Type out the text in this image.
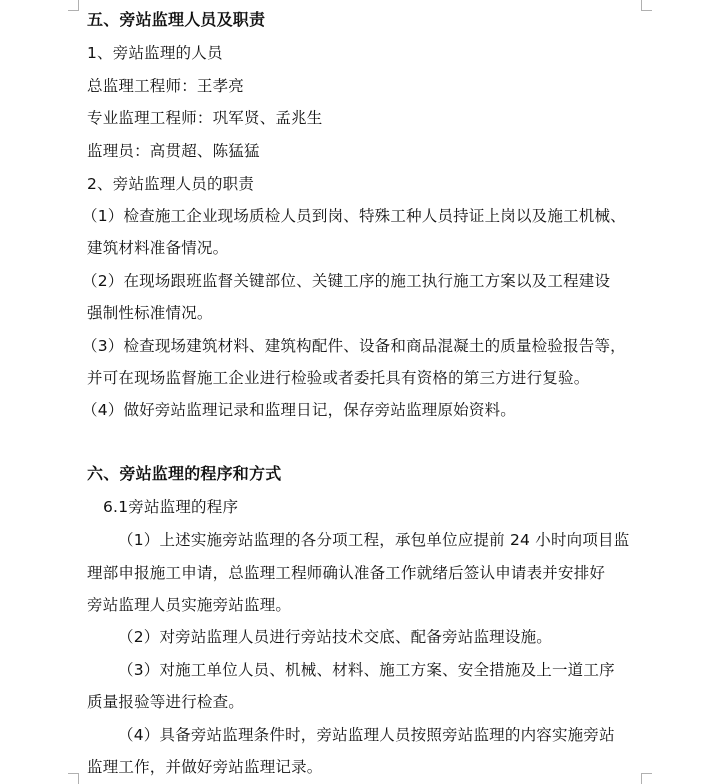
五、旁站监理人员及职责
1、旁站监理的人员
总监理工程师：王孝亮
专业监理工程师：巩军贤、孟兆生
监理员：高贯超、陈猛猛
2、旁站监理人员的职责
（1）检查施工企业现场质检人员到岗、特殊工种人员持证上岗以及施工机械、
建筑材料准备情况。
（2）在现场跟班监督关键部位、关键工序的施工执行施工方案以及工程建设
强制性标准情况。
（3）检查现场建筑材料、建筑构配件、设备和商品混凝土的质量检验报告等，
并可在现场监督施工企业进行检验或者委托具有资格的第三方进行复验。
（4）做好旁站监理记录和监理日记，保存旁站监理原始资料。
六、旁站监理的程序和方式
6.1旁站监理的程序
（1）上述实施旁站监理的各分项工程，承包单位应提前 24 小时向项目监
理部申报施工申请，总监理工程师确认准备工作就绪后签认申请表并安排好
旁站监理人员实施旁站监理。
（2）对旁站监理人员进行旁站技术交底、配备旁站监理设施。
（3）对施工单位人员、机械、材料、施工方案、安全措施及上一道工序
质量报验等进行检查。
（4）具备旁站监理条件时，旁站监理人员按照旁站监理的内容实施旁站
监理工作，并做好旁站监理记录。
